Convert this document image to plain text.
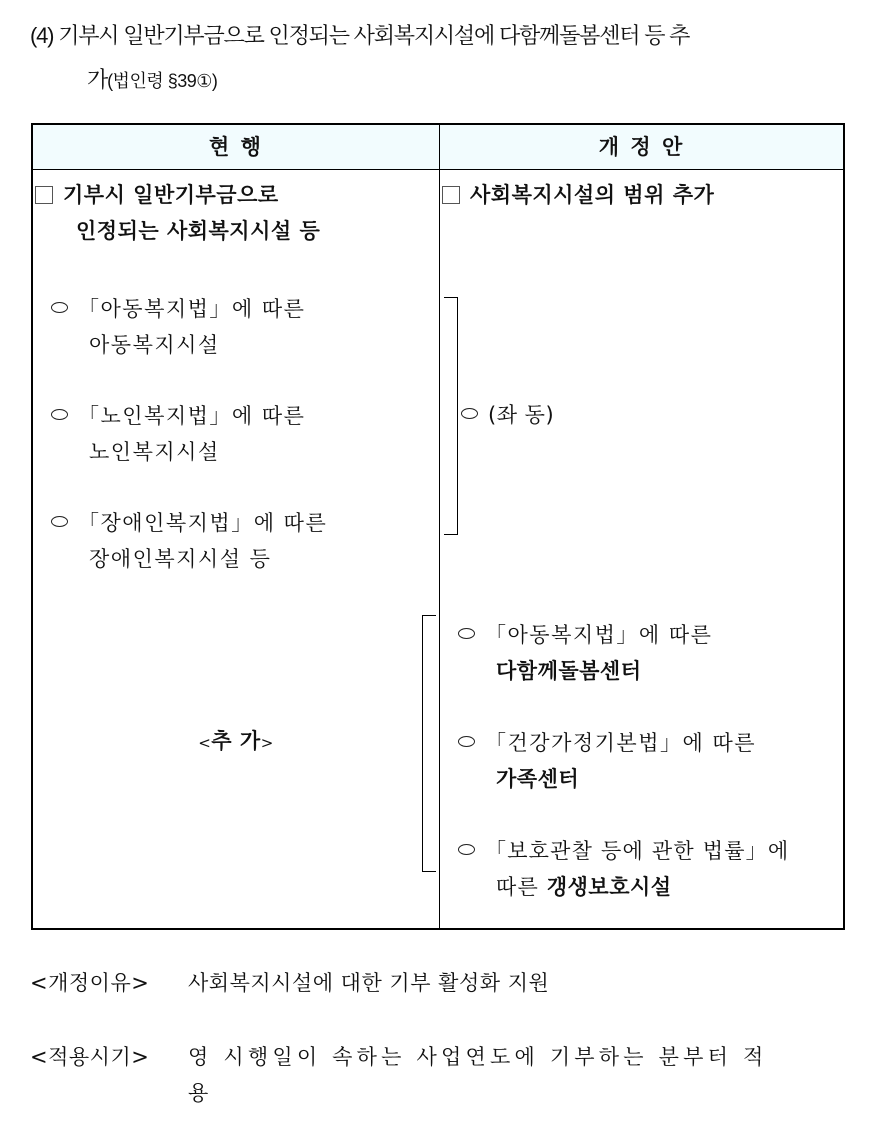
(4) 기부시 일반기부금으로 인정되는 사회복지시설에 다함께돌봄센터 등 추
가(법인령 §39①)
현 행	개 정 안
기부시 일반기부금으로
인정되는 사회복지시설 등
「아동복지법」에 따른
아동복지시설
「노인복지법」에 따른
노인복지시설
「장애인복지법」에 따른
장애인복지시설 등
<추 가>
사회복지시설의 범위 추가
(좌 동)
「아동복지법」에 따른
다함께돌봄센터
「건강가정기본법」에 따른
가족센터
「보호관찰 등에 관한 법률」에
따른 갱생보호시설
<개정이유> 사회복지시설에 대한 기부 활성화 지원
<적용시기> 영 시행일이 속하는 사업연도에 기부하는 분부터 적
용
